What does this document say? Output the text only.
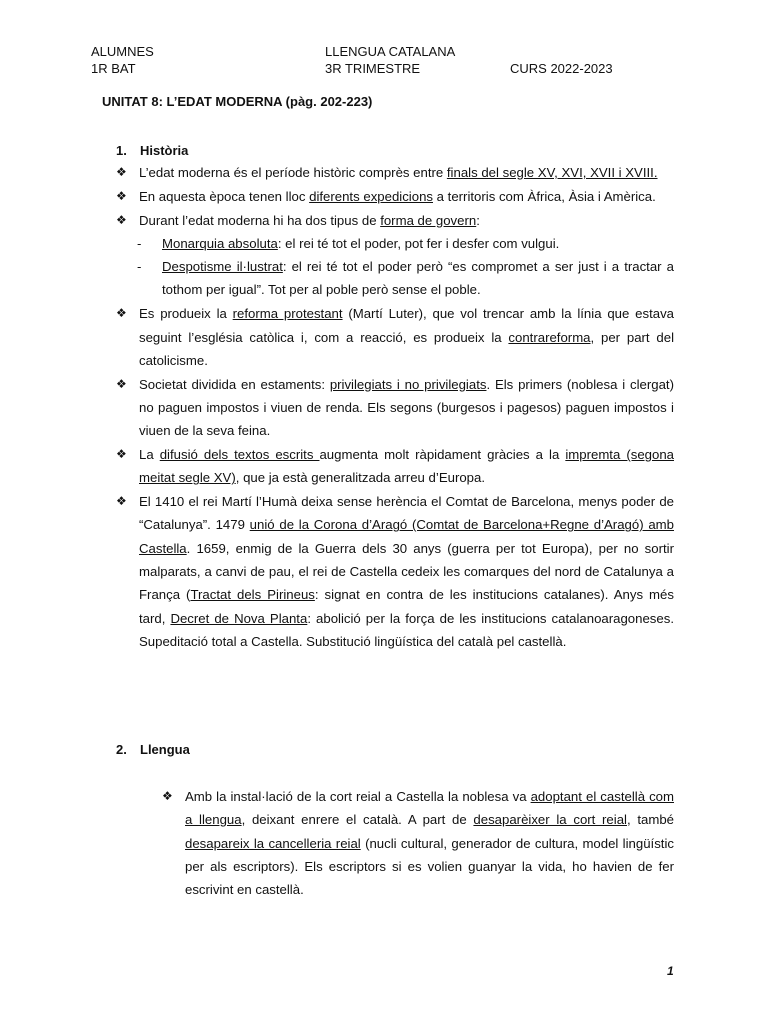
ALUMNES
1R BAT
LLENGUA CATALANA
3R TRIMESTRE	CURS 2022-2023
UNITAT 8: L’EDAT MODERNA (pàg. 202-223)
1. Història
❖ L’edat moderna és el període històric comprès entre finals del segle XV, XVI, XVII i XVIII.
❖ En aquesta època tenen lloc diferents expedicions a territoris com Àfrica, Àsia i Amèrica.
❖ Durant l’edat moderna hi ha dos tipus de forma de govern:
- Monarquia absoluta: el rei té tot el poder, pot fer i desfer com vulgui.
- Despotisme il·lustrat: el rei té tot el poder però “es compromet a ser just i a tractar a tothom per igual”. Tot per al poble però sense el poble.
❖ Es produeix la reforma protestant (Martí Luter), que vol trencar amb la línia que estava seguint l’església catòlica i, com a reacció, es produeix la contrareforma, per part del catolicisme.
❖ Societat dividida en estaments: privilegiats i no privilegiats. Els primers (noblesa i clergat) no paguen impostos i viuen de renda. Els segons (burgesos i pagesos) paguen impostos i viuen de la seva feina.
❖ La difusió dels textos escrits augmenta molt ràpidament gràcies a la impremta (segona meitat segle XV), que ja està generalitzada arreu d’Europa.
❖ El 1410 el rei Martí l’Humà deixa sense herència el Comtat de Barcelona, menys poder de “Catalunya”. 1479 unió de la Corona d’Aragó (Comtat de Barcelona+Regne d’Aragó) amb Castella. 1659, enmig de la Guerra dels 30 anys (guerra per tot Europa), per no sortir malparats, a canvi de pau, el rei de Castella cedeix les comarques del nord de Catalunya a França (Tractat dels Pirineus: signat en contra de les institucions catalanes). Anys més tard, Decret de Nova Planta: abolició per la força de les institucions catalanoaragoneses. Supeditació total a Castella. Substitució lingüística del català pel castellà.
2. Llengua
❖ Amb la instal·lació de la cort reial a Castella la noblesa va adoptant el castellà com a llengua, deixant enrere el català. A part de desaparèixer la cort reial, també desapareix la cancelleria reial (nucli cultural, generador de cultura, model lingüístic per als escriptors). Els escriptors si es volien guanyar la vida, ho havien de fer escrivint en castellà.
1
